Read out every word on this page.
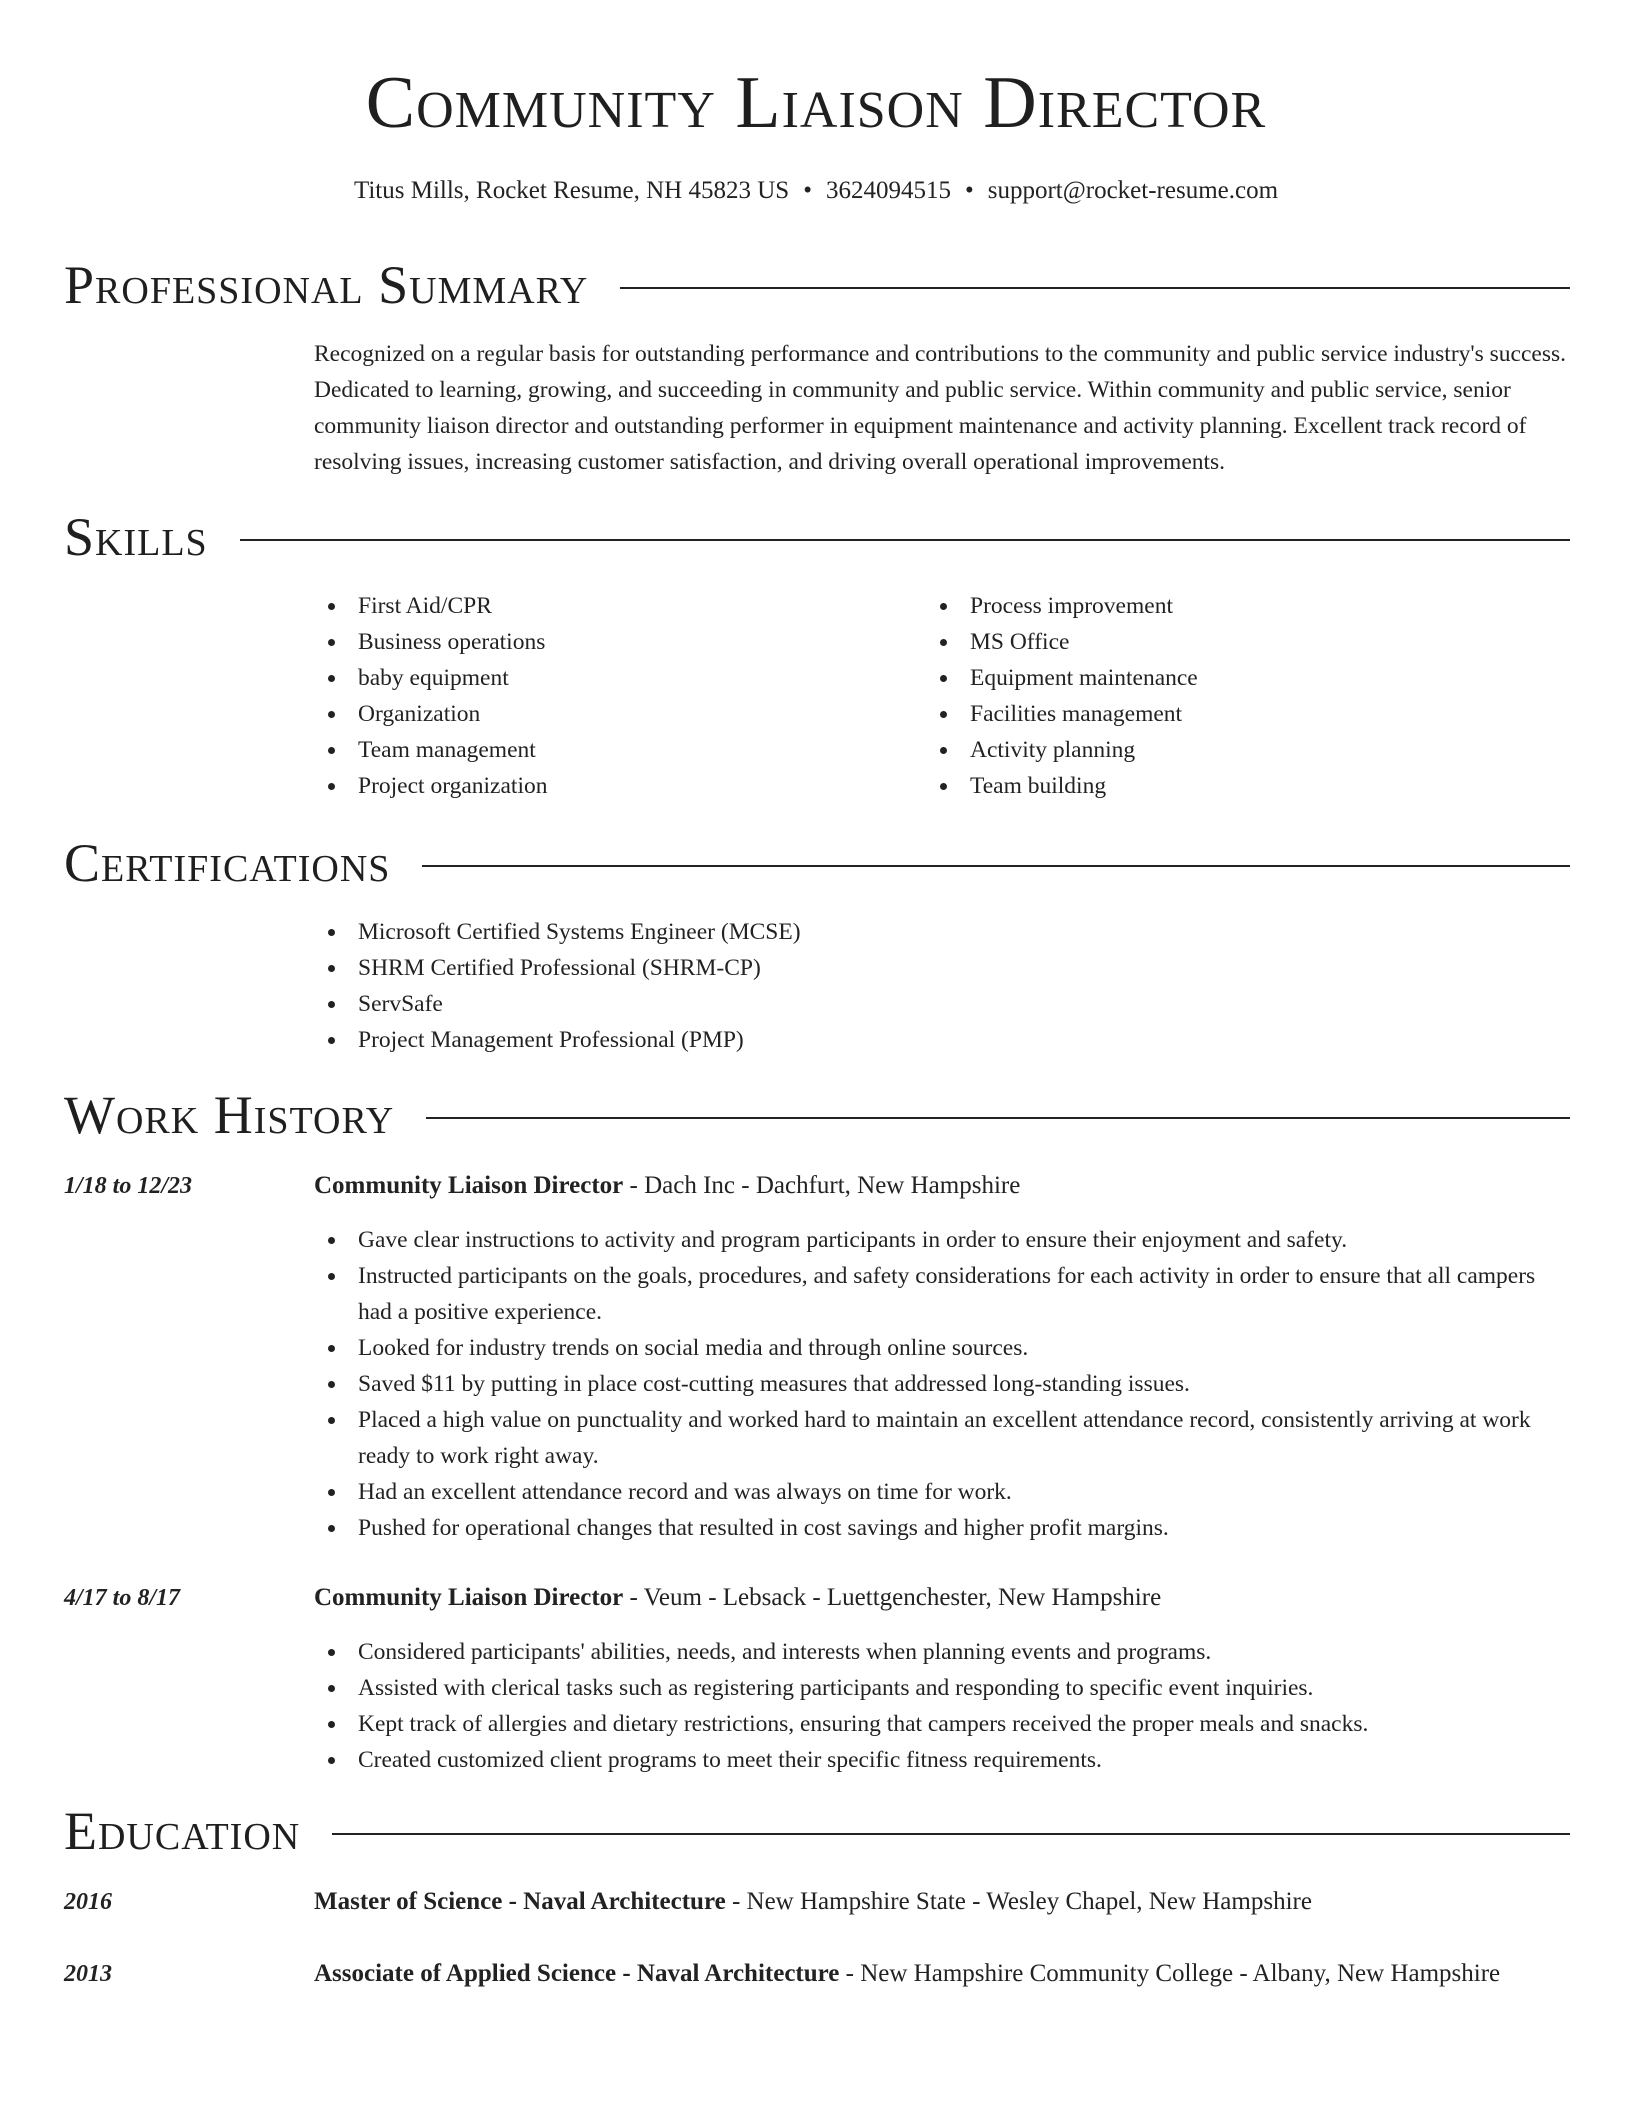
Community Liaison Director
Titus Mills, Rocket Resume, NH 45823 US • 3624094515 • support@rocket-resume.com
Professional Summary

Recognized on a regular basis for outstanding performance and contributions to the community and public service industry's success. Dedicated to learning, growing, and succeeding in community and public service. Within community and public service, senior community liaison director and outstanding performer in equipment maintenance and activity planning. Excellent track record of resolving issues, increasing customer satisfaction, and driving overall operational improvements.

Skills
First Aid/CPR
Business operations
baby equipment
Organization
Team management
Project organization
Process improvement
MS Office
Equipment maintenance
Facilities management
Activity planning
Team building
Certifications
Microsoft Certified Systems Engineer (MCSE)
SHRM Certified Professional (SHRM-CP)
ServSafe
Project Management Professional (PMP)
Work History
1/18 to 12/23	Community Liaison Director - Dach Inc - Dachfurt, New Hampshire
Gave clear instructions to activity and program participants in order to ensure their enjoyment and safety.
Instructed participants on the goals, procedures, and safety considerations for each activity in order to ensure that all campers had a positive experience.
Looked for industry trends on social media and through online sources.
Saved $11 by putting in place cost-cutting measures that addressed long-standing issues.
Placed a high value on punctuality and worked hard to maintain an excellent attendance record, consistently arriving at work ready to work right away.
Had an excellent attendance record and was always on time for work.
Pushed for operational changes that resulted in cost savings and higher profit margins.
4/17 to 8/17	Community Liaison Director - Veum - Lebsack - Luettgenchester, New Hampshire
Considered participants' abilities, needs, and interests when planning events and programs.
Assisted with clerical tasks such as registering participants and responding to specific event inquiries.
Kept track of allergies and dietary restrictions, ensuring that campers received the proper meals and snacks.
Created customized client programs to meet their specific fitness requirements.
Education
2016	Master of Science - Naval Architecture - New Hampshire State - Wesley Chapel, New Hampshire
2013	Associate of Applied Science - Naval Architecture - New Hampshire Community College - Albany, New Hampshire
